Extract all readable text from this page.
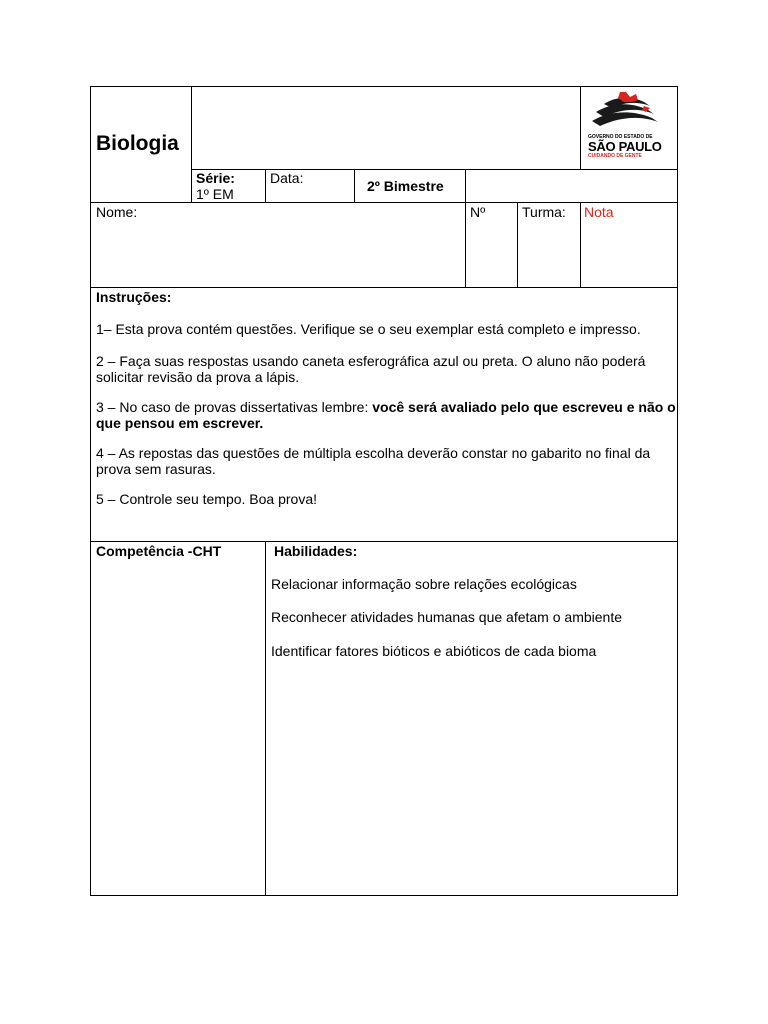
Biologia
Série:
1º EM
Data:	2º Bimestre
GOVERNO DO ESTADO DE
SÃO PAULO
CUIDANDO DE GENTE
Nome:	Nº	Turma: Nota
Instruções:
1– Esta prova contém questões. Verifique se o seu exemplar está completo e impresso.
2 – Faça suas respostas usando caneta esferográfica azul ou preta. O aluno não poderá solicitar revisão da prova a lápis.
3 – No caso de provas dissertativas lembre: você será avaliado pelo que escreveu e não o que pensou em escrever.
4 – As repostas das questões de múltipla escolha deverão constar no gabarito no final da prova sem rasuras.
5 – Controle seu tempo. Boa prova!
Competência -CHT	Habilidades:
Relacionar informação sobre relações ecológicas
Reconhecer atividades humanas que afetam o ambiente
Identificar fatores bióticos e abióticos de cada bioma
